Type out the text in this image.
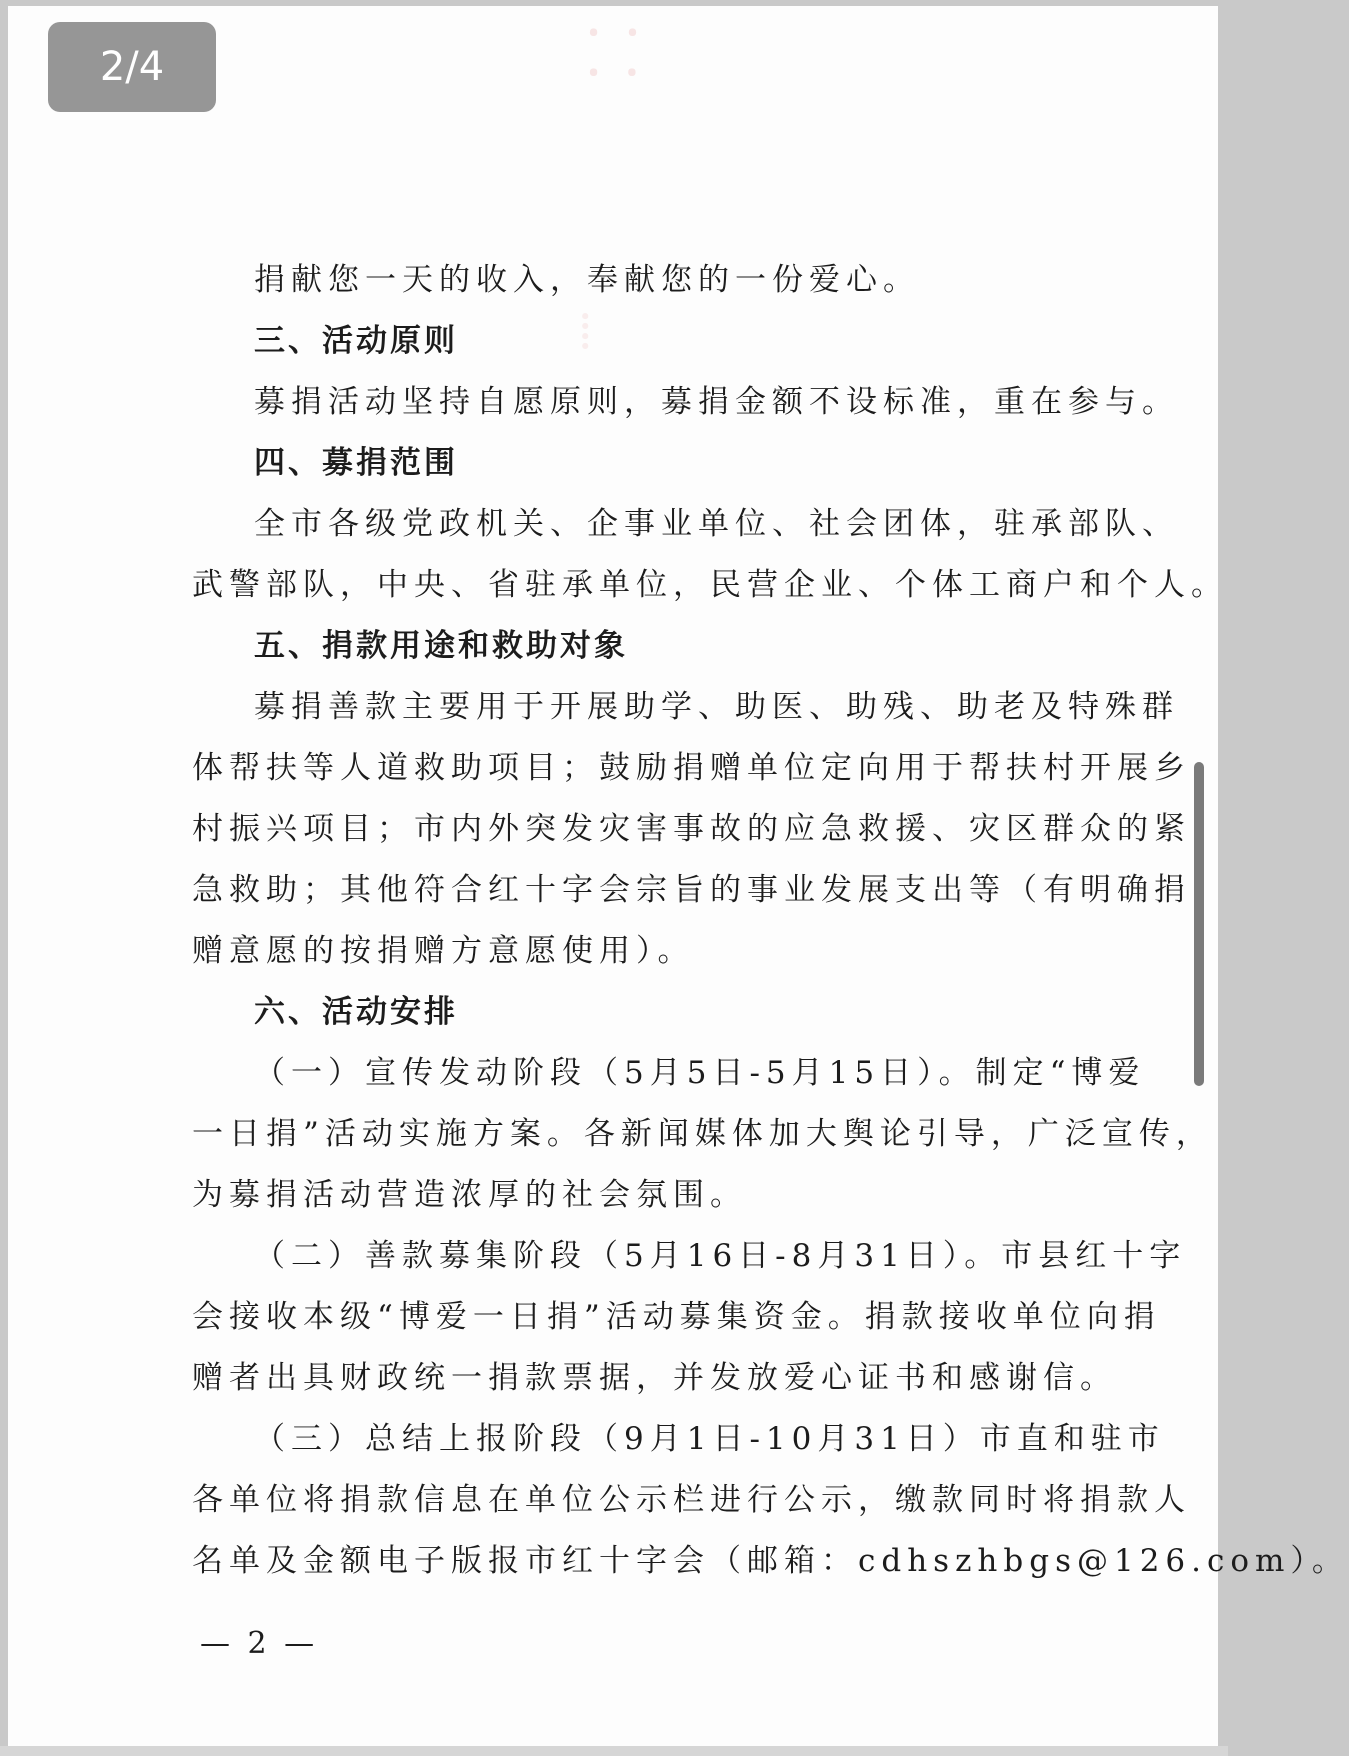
⸬
⁞
捐献您一天的收入，奉献您的一份爱心。
三、活动原则
募捐活动坚持自愿原则，募捐金额不设标准，重在参与。
四、募捐范围
全市各级党政机关、企事业单位、社会团体，驻承部队、
武警部队，中央、省驻承单位，民营企业、个体工商户和个人。
五、捐款用途和救助对象
募捐善款主要用于开展助学、助医、助残、助老及特殊群
体帮扶等人道救助项目；鼓励捐赠单位定向用于帮扶村开展乡
村振兴项目；市内外突发灾害事故的应急救援、灾区群众的紧
急救助；其他符合红十字会宗旨的事业发展支出等（有明确捐
赠意愿的按捐赠方意愿使用）。
六、活动安排
（一）宣传发动阶段（5月5日-5月15日）。制定“博爱
一日捐”活动实施方案。各新闻媒体加大舆论引导，广泛宣传，
为募捐活动营造浓厚的社会氛围。
（二）善款募集阶段（5月16日-8月31日）。市县红十字
会接收本级“博爱一日捐”活动募集资金。捐款接收单位向捐
赠者出具财政统一捐款票据，并发放爱心证书和感谢信。
（三）总结上报阶段（9月1日-10月31日）市直和驻市
各单位将捐款信息在单位公示栏进行公示，缴款同时将捐款人
名单及金额电子版报市红十字会（邮箱：cdhszhbgs@126.com）。
— 2 —
2/4
